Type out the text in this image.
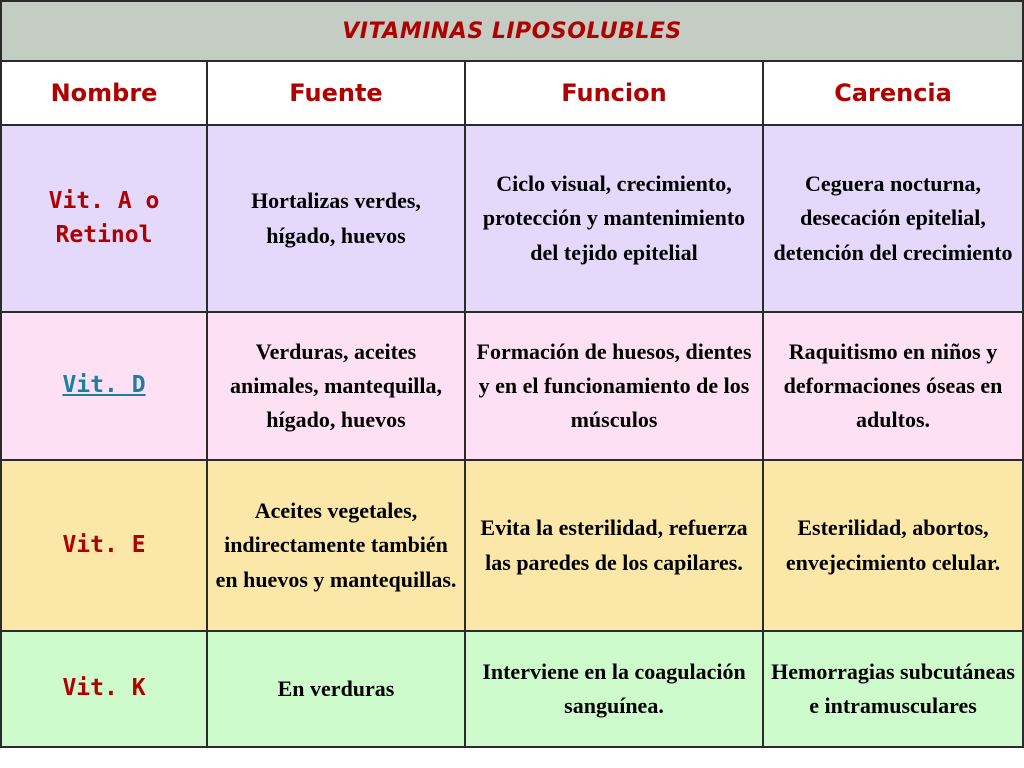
VITAMINAS LIPOSOLUBLES			
Nombre	Fuente	Funcion	Carencia
Vit. A o Retinol	Hortalizas verdes, hígado, huevos	Ciclo visual, crecimiento, protección y mantenimiento del tejido epitelial	Ceguera nocturna, desecación epitelial, detención del crecimiento
Vit. D	Verduras, aceites animales, mantequilla, hígado, huevos	Formación de huesos, dientes y en el funcionamiento de los músculos	Raquitismo en niños y deformaciones óseas en adultos.
Vit. E	Aceites vegetales, indirectamente también en huevos y mantequillas.	Evita la esterilidad, refuerza las paredes de los capilares.	Esterilidad, abortos, envejecimiento celular.
Vit. K	En verduras	Interviene en la coagulación sanguínea.	Hemorragias subcutáneas e intramusculares
